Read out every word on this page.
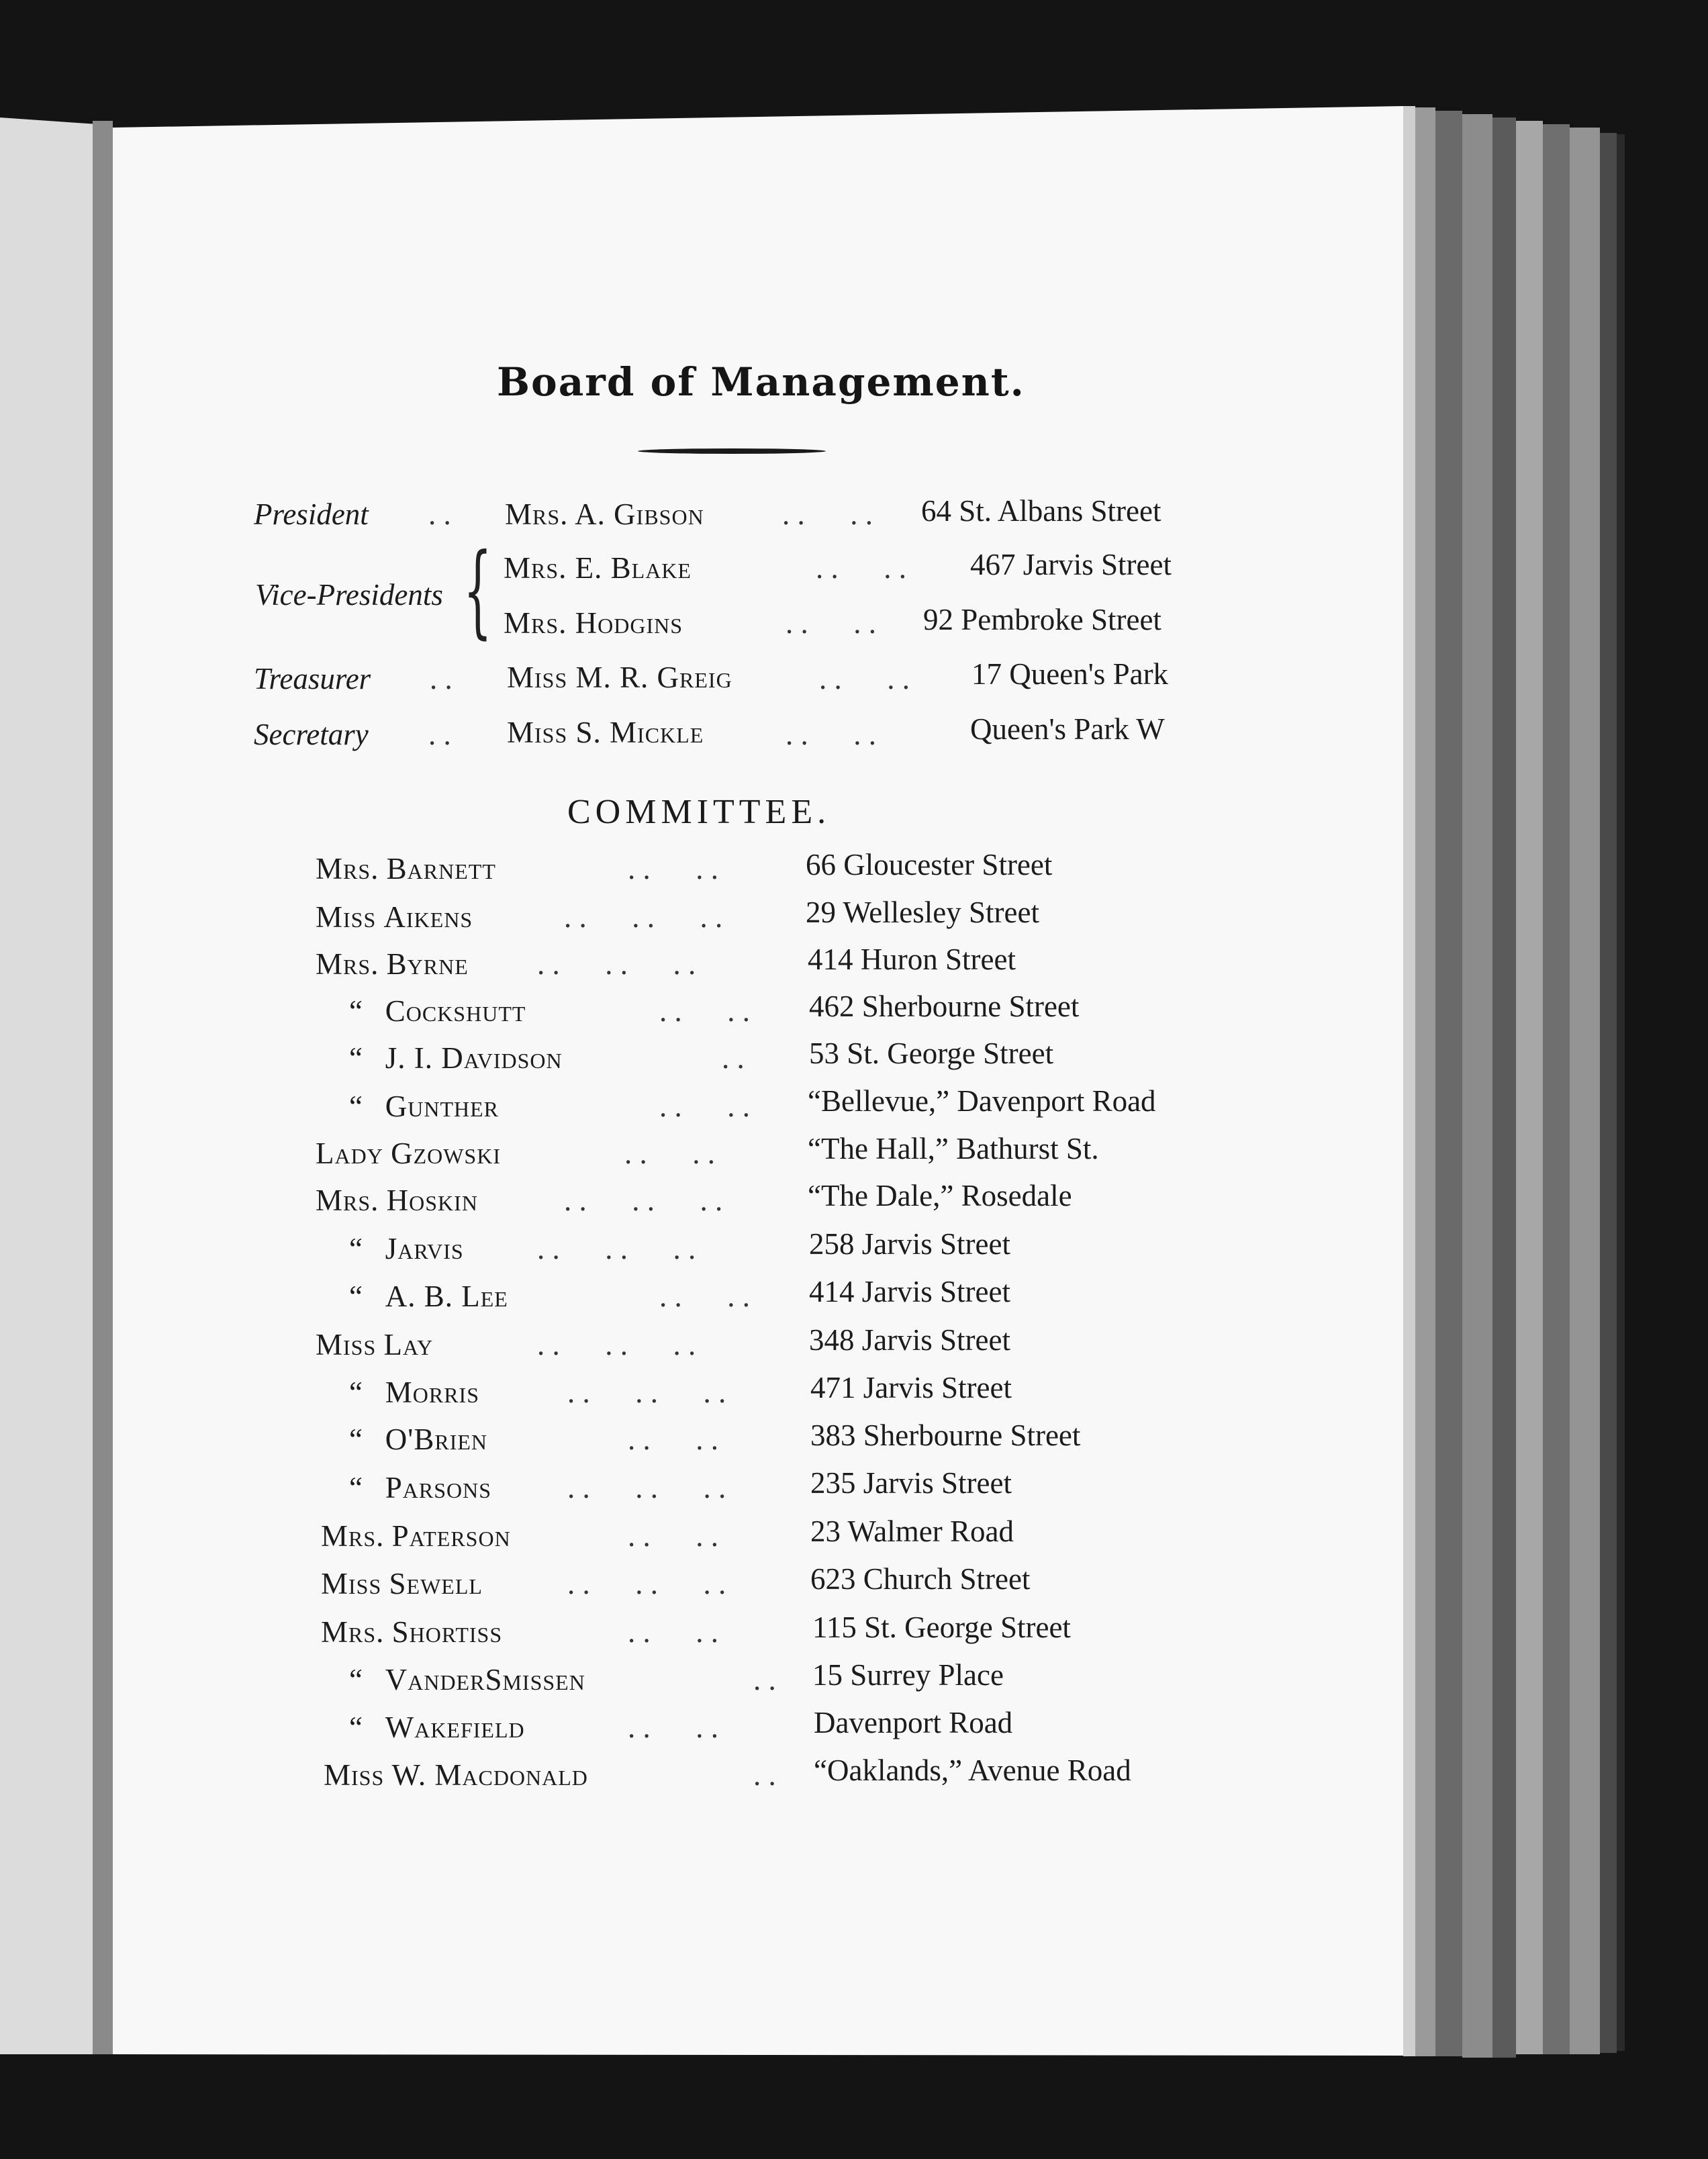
Board of Management.
President . . Mrs. A. Gibson	. .      . . 64 St. Albans Street
Vice-Presidents { Mrs. E. Blake	. .      . . 467 Jarvis Street
Mrs. Hodgins	. .      . . 92 Pembroke Street
Treasurer . . Miss M. R. Greig	. .      . . 17 Queen's Park
Secretary . . Miss S. Mickle	. .      . .	Queen's Park W
COMMITTEE.
Mrs. Barnett	. .      . .	66 Gloucester Street
Miss Aikens	. .      . .      . .	29 Wellesley Street
Mrs. Byrne . .      . .      . .	414 Huron Street
“ Cockshutt	. .      . . 462 Sherbourne Street
“ J. I. Davidson	. . 53 St. George Street
“ Gunther	. .      . . “Bellevue,” Davenport Road
Lady Gzowski	. .      . .	“The Hall,” Bathurst St.
Mrs. Hoskin	. .      . .      . .	“The Dale,” Rosedale
“ Jarvis . .      . .      . .	258 Jarvis Street
“ A. B. Lee	. .      . . 414 Jarvis Street
Miss Lay	. .      . .      . .	348 Jarvis Street
“ Morris	. .      . .      . .	471 Jarvis Street
“ O'Brien	. .      . .	383 Sherbourne Street
“ Parsons	. .      . .      . .	235 Jarvis Street
Mrs. Paterson	. .      . .	23 Walmer Road
Miss Sewell	. .      . .      . .	623 Church Street
Mrs. Shortiss	. .      . .	115 St. George Street
“ VanderSmissen	. . 15 Surrey Place
“ Wakefield	. .      . .	Davenport Road
Miss W. Macdonald	. . “Oaklands,” Avenue Road
